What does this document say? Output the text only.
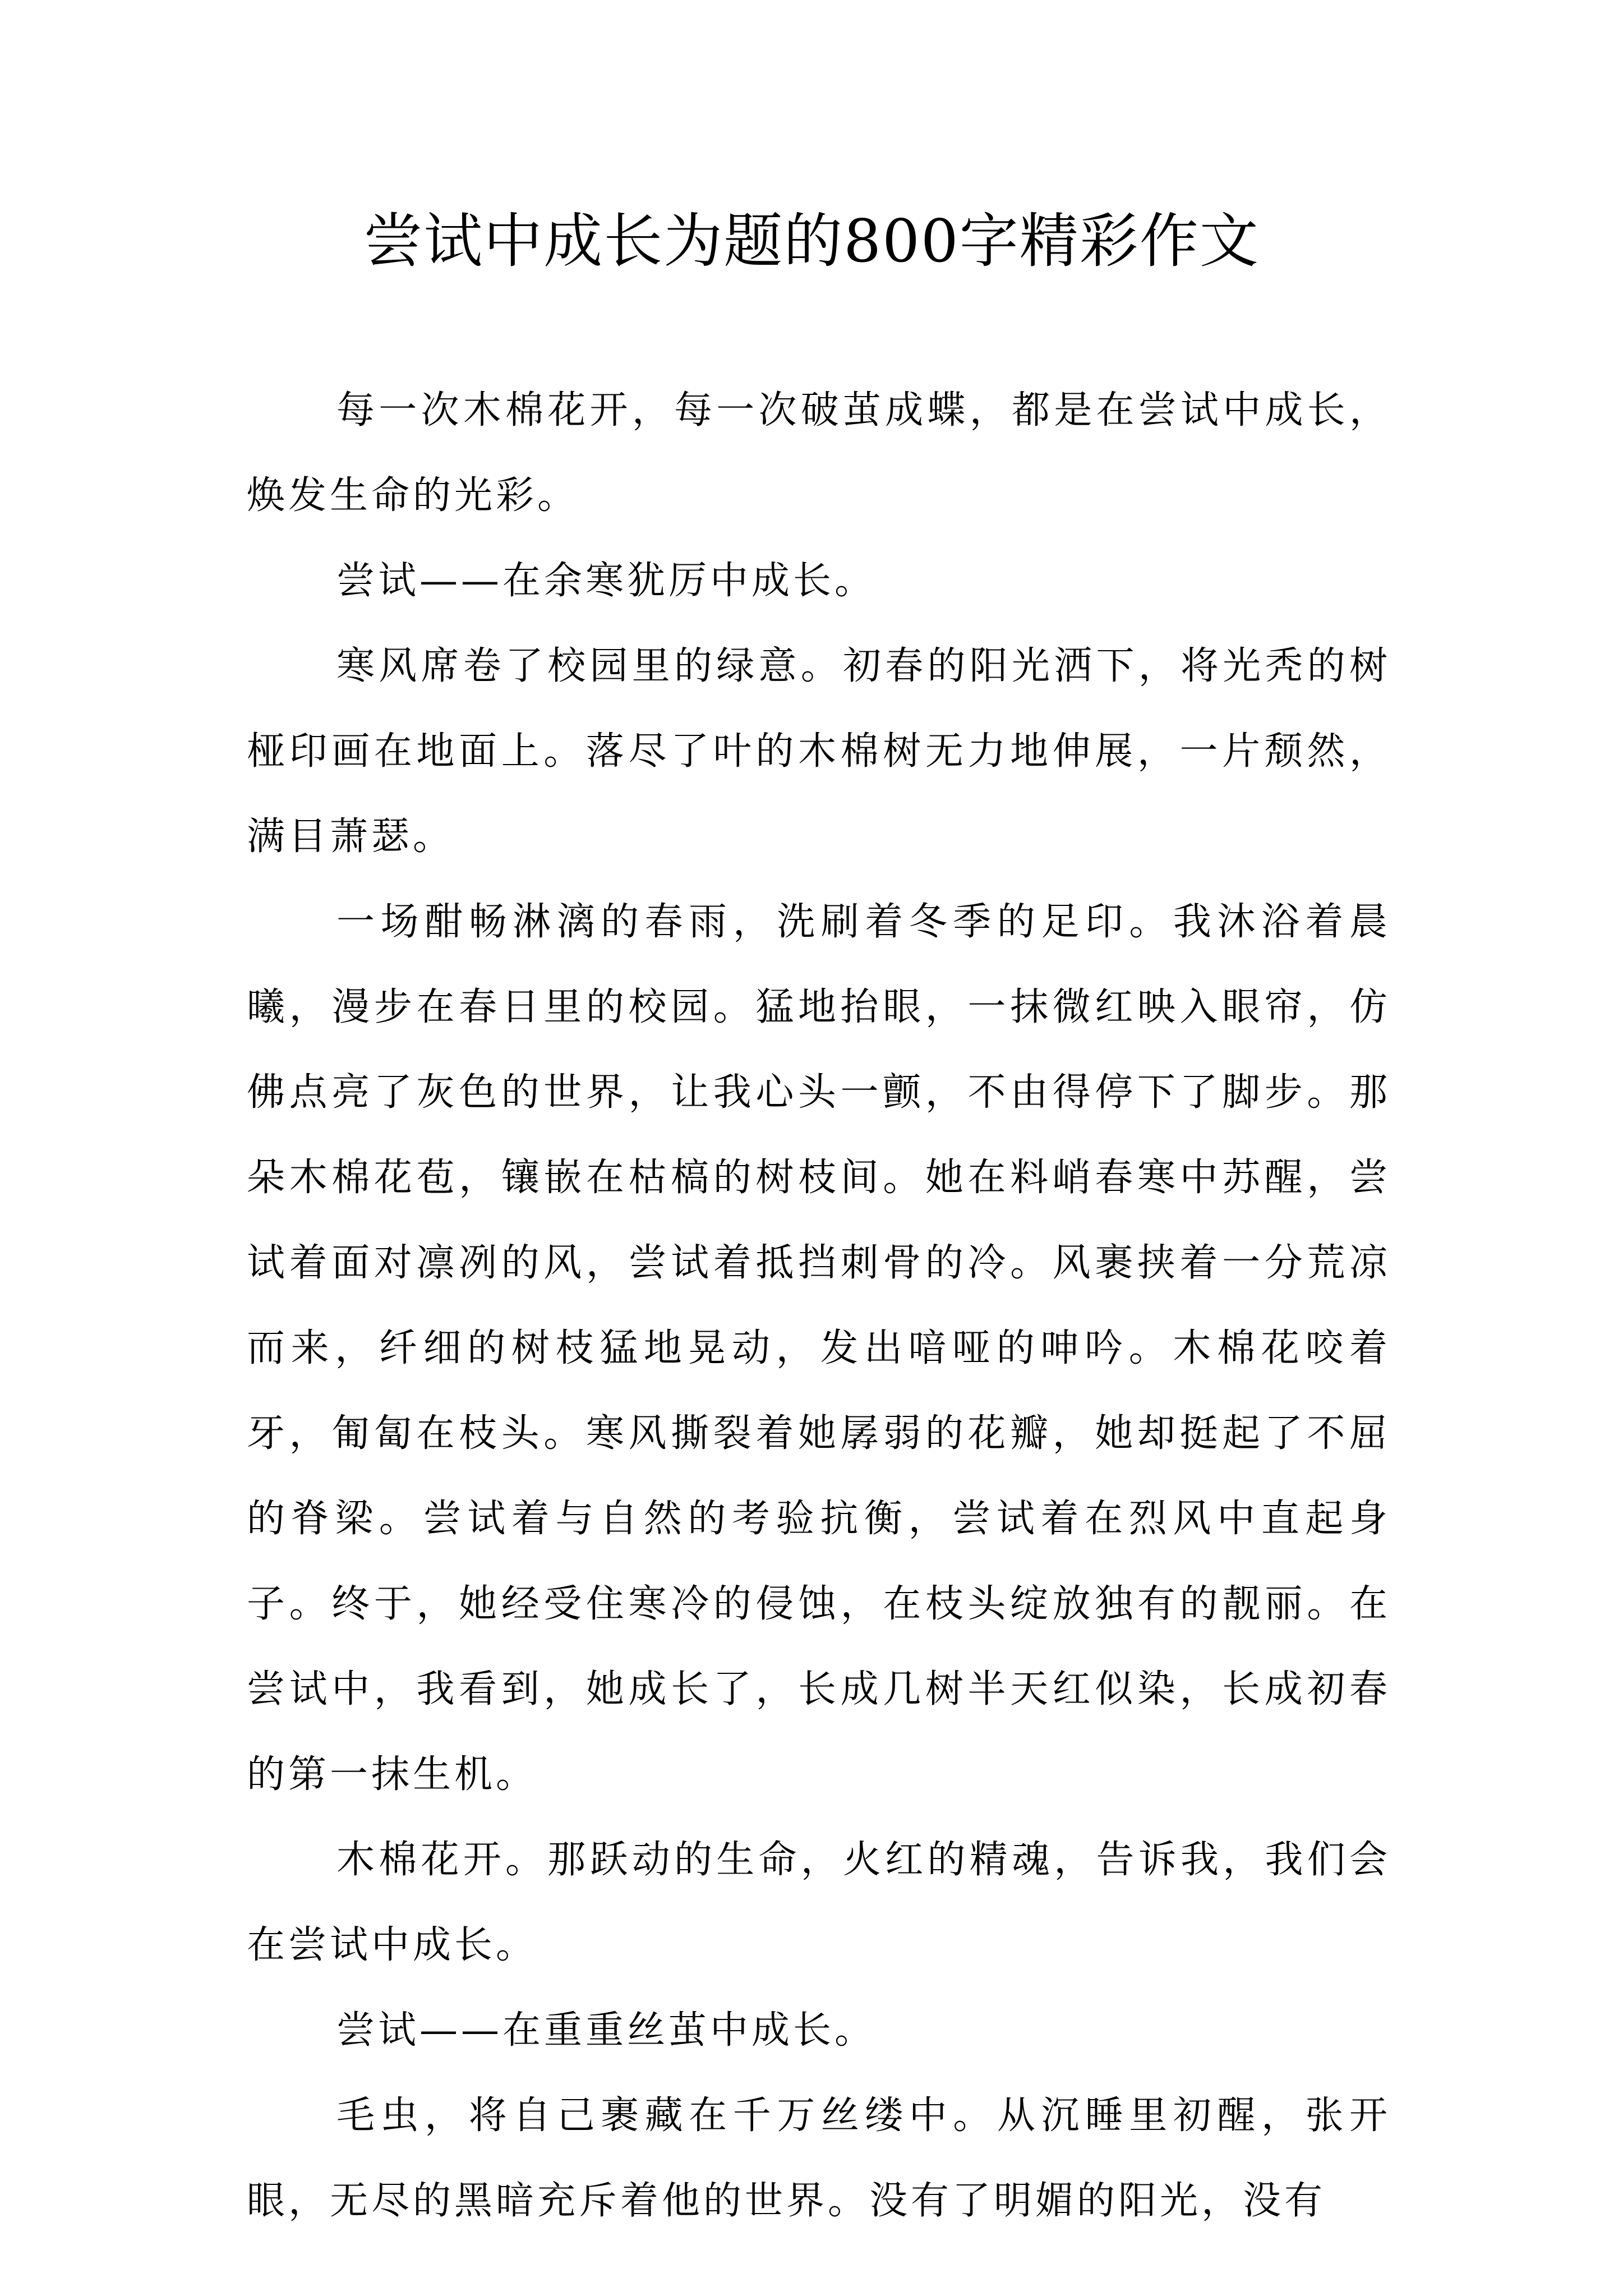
尝试中成长为题的800字精彩作文

每一次木棉花开，每一次破茧成蝶，都是在尝试中成长，焕发生命的光彩。

尝试——在余寒犹厉中成长。

寒风席卷了校园里的绿意。初春的阳光洒下，将光秃的树桠印画在地面上。落尽了叶的木棉树无力地伸展，一片颓然，满目萧瑟。

一场酣畅淋漓的春雨，洗刷着冬季的足印。我沐浴着晨曦，漫步在春日里的校园。猛地抬眼，一抹微红映入眼帘，仿佛点亮了灰色的世界，让我心头一颤，不由得停下了脚步。那朵木棉花苞，镶嵌在枯槁的树枝间。她在料峭春寒中苏醒，尝试着面对凛冽的风，尝试着抵挡刺骨的冷。风裹挟着一分荒凉而来，纤细的树枝猛地晃动，发出喑哑的呻吟。木棉花咬着牙，匍匐在枝头。寒风撕裂着她孱弱的花瓣，她却挺起了不屈的脊梁。尝试着与自然的考验抗衡，尝试着在烈风中直起身子。终于，她经受住寒冷的侵蚀，在枝头绽放独有的靓丽。在尝试中，我看到，她成长了，长成几树半天红似染，长成初春的第一抹生机。

木棉花开。那跃动的生命，火红的精魂，告诉我，我们会在尝试中成长。

尝试——在重重丝茧中成长。

毛虫，将自己裹藏在千万丝缕中。从沉睡里初醒，张开眼，无尽的黑暗充斥着他的世界。没有了明媚的阳光，没有
